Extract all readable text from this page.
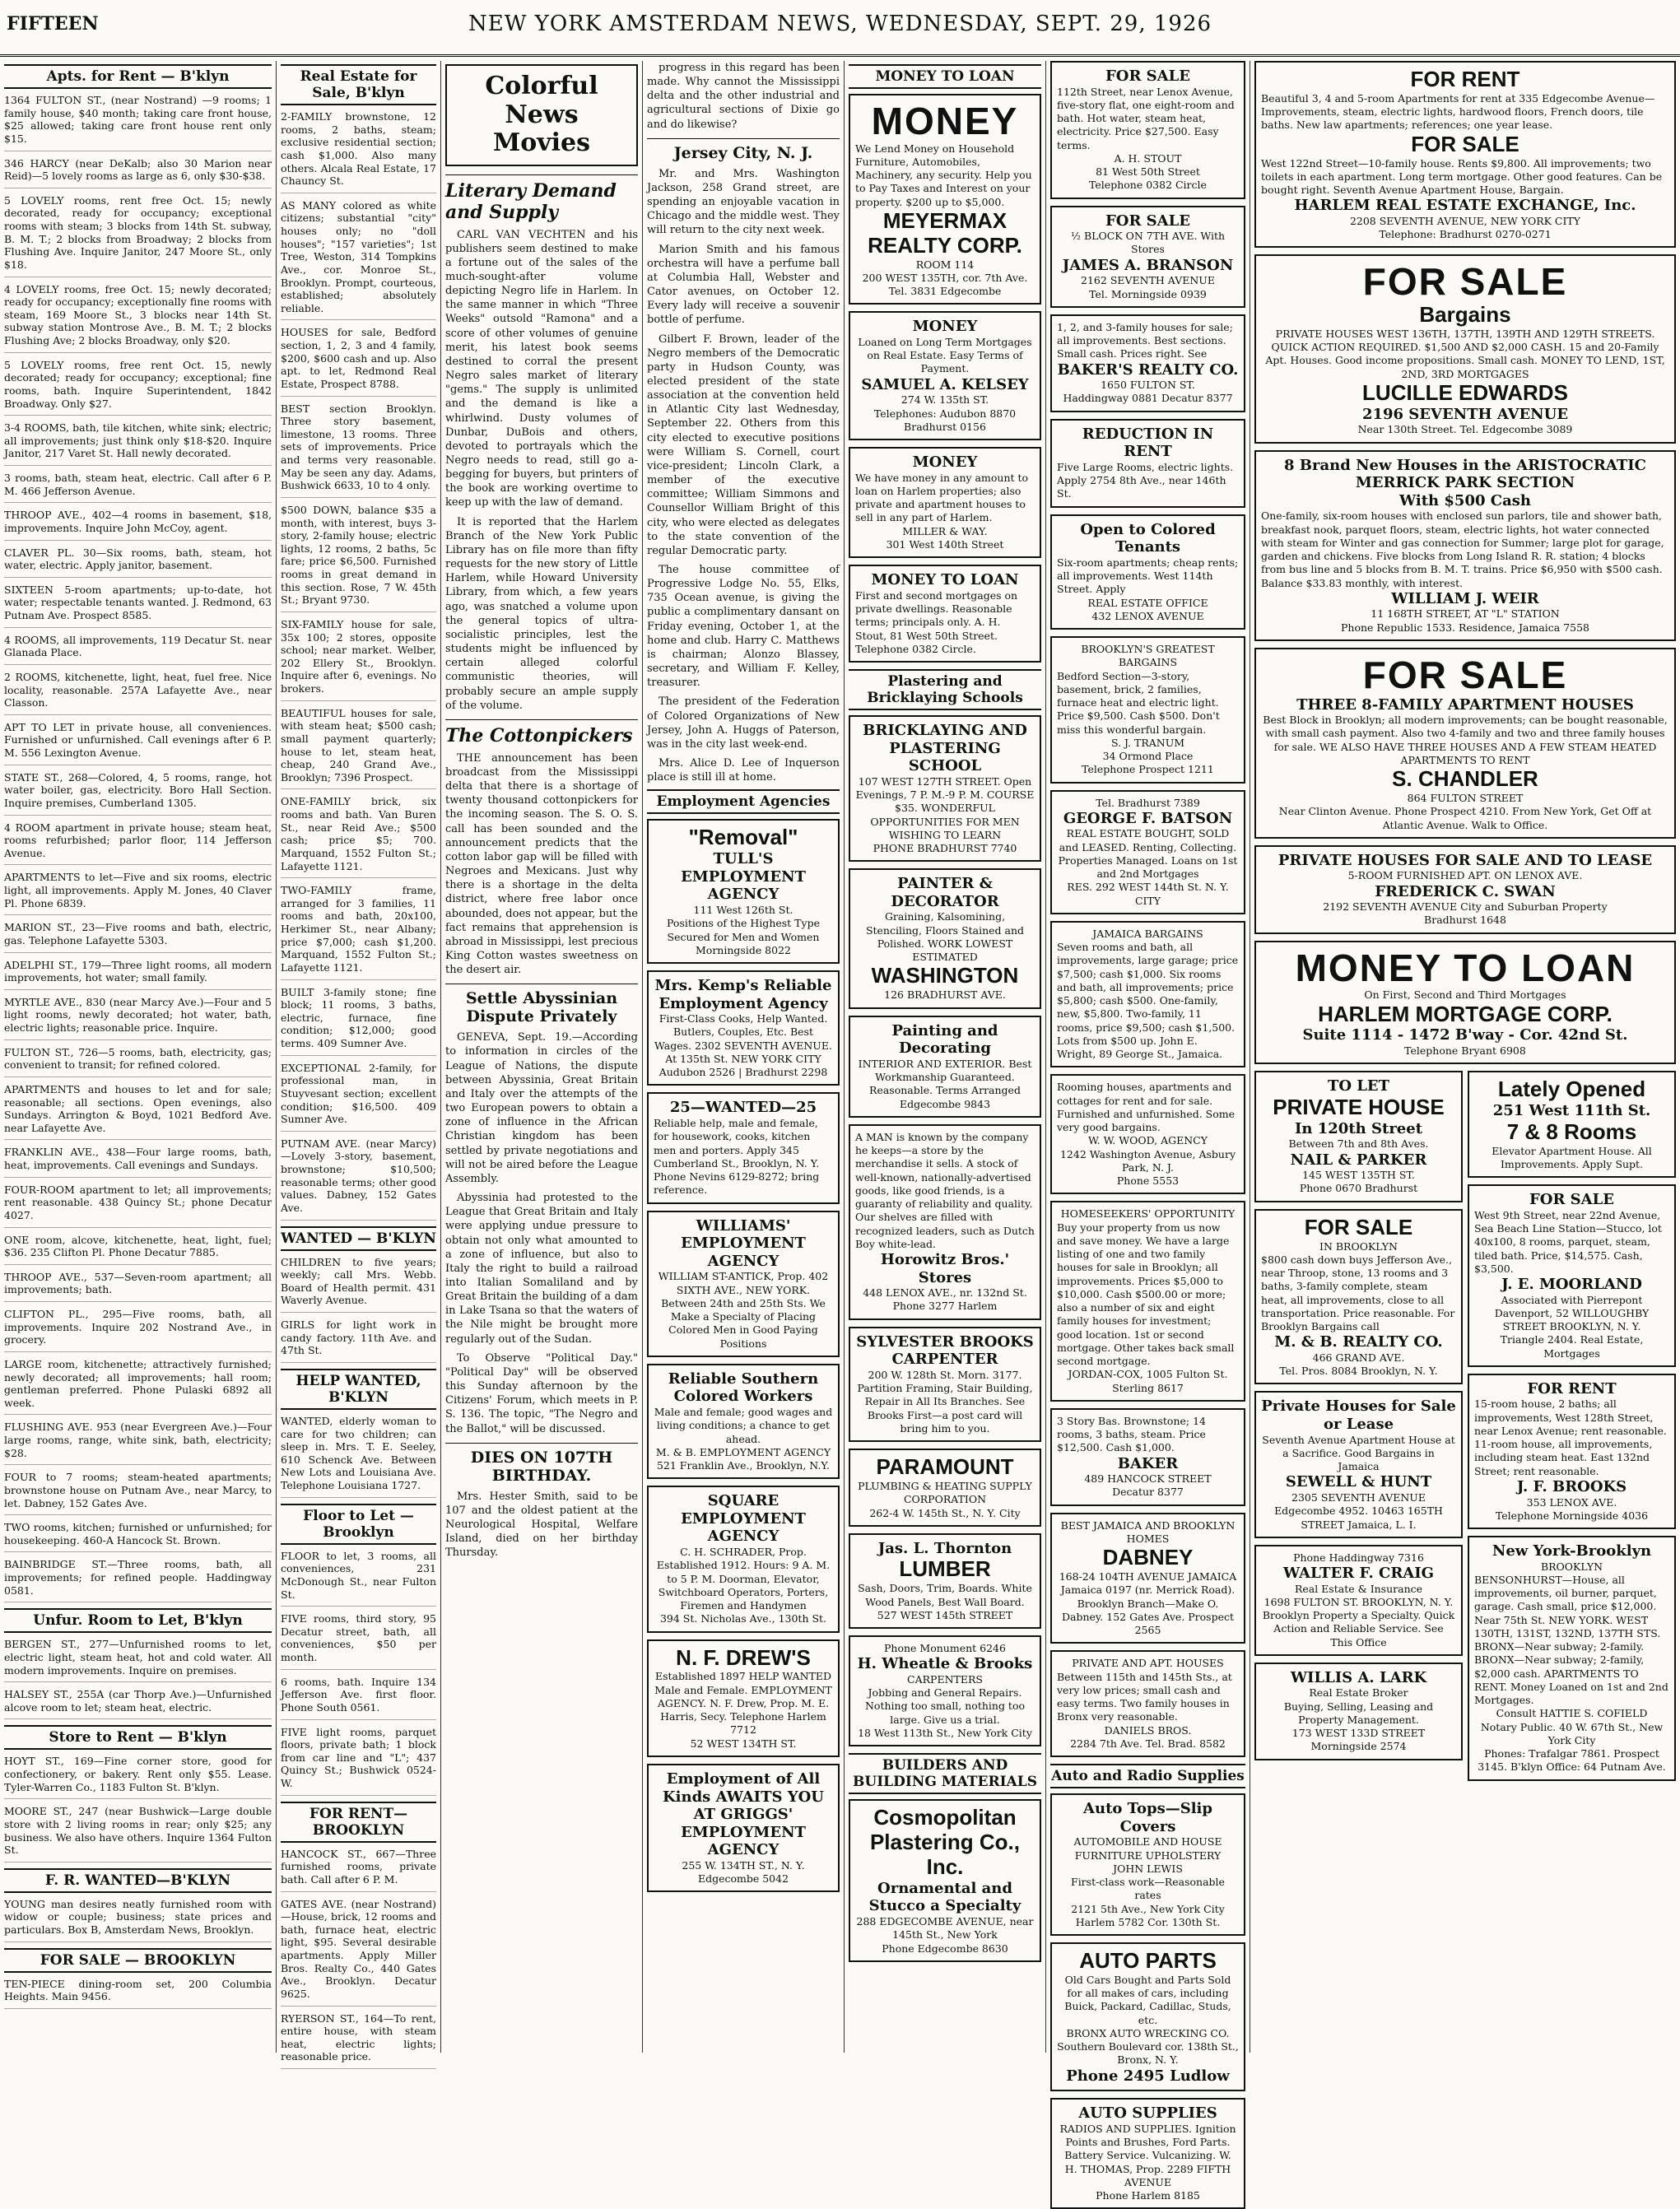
FIFTEEN	NEW YORK AMSTERDAM NEWS, WEDNESDAY, SEPT. 29, 1926
Apts. for Rent — B'klyn
1364 FULTON ST., (near Nostrand) —9 rooms; 1 family house, $40 month; taking care front house, $25 allowed; taking care front house rent only $15.
346 HARCY (near DeKalb; also 30 Marion near Reid)—5 lovely rooms as large as 6, only $30-$38.
5 LOVELY rooms, rent free Oct. 15; newly decorated, ready for occupancy; exceptional rooms with steam; 3 blocks from 14th St. subway, B. M. T.; 2 blocks from Broadway; 2 blocks from Flushing Ave. Inquire Janitor, 247 Moore St., only $18.
4 LOVELY rooms, free Oct. 15; newly decorated; ready for occupancy; exceptionally fine rooms with steam, 169 Moore St., 3 blocks near 14th St. subway station Montrose Ave., B. M. T.; 2 blocks Flushing Ave; 2 blocks Broadway, only $20.
5 LOVELY rooms, free rent Oct. 15, newly decorated; ready for occupancy; exceptional; fine rooms, bath. Inquire Superintendent, 1842 Broadway. Only $27.
3-4 ROOMS, bath, tile kitchen, white sink; electric; all improvements; just think only $18-$20. Inquire Janitor, 217 Varet St. Hall newly decorated.
3 rooms, bath, steam heat, electric. Call after 6 P. M. 466 Jefferson Avenue.
THROOP AVE., 402—4 rooms in basement, $18, improvements. Inquire John McCoy, agent.
CLAVER PL. 30—Six rooms, bath, steam, hot water, electric. Apply janitor, basement.
SIXTEEN 5-room apartments; up-to-date, hot water; respectable tenants wanted. J. Redmond, 63 Putnam Ave. Prospect 8585.
4 ROOMS, all improvements, 119 Decatur St. near Glanada Place.
2 ROOMS, kitchenette, light, heat, fuel free. Nice locality, reasonable. 257A Lafayette Ave., near Classon.
APT TO LET in private house, all conveniences. Furnished or unfurnished. Call evenings after 6 P. M. 556 Lexington Avenue.
STATE ST., 268—Colored, 4, 5 rooms, range, hot water boiler, gas, electricity. Boro Hall Section. Inquire premises, Cumberland 1305.
4 ROOM apartment in private house; steam heat, rooms refurbished; parlor floor, 114 Jefferson Avenue.
APARTMENTS to let—Five and six rooms, electric light, all improvements. Apply M. Jones, 40 Claver Pl. Phone 6839.
MARION ST., 23—Five rooms and bath, electric, gas. Telephone Lafayette 5303.
ADELPHI ST., 179—Three light rooms, all modern improvements, hot water; small family.
MYRTLE AVE., 830 (near Marcy Ave.)—Four and 5 light rooms, newly decorated; hot water, bath, electric lights; reasonable price. Inquire.
FULTON ST., 726—5 rooms, bath, electricity, gas; convenient to transit; for refined colored.
APARTMENTS and houses to let and for sale; reasonable; all sections. Open evenings, also Sundays. Arrington & Boyd, 1021 Bedford Ave. near Lafayette Ave.
FRANKLIN AVE., 438—Four large rooms, bath, heat, improvements. Call evenings and Sundays.
FOUR-ROOM apartment to let; all improvements; rent reasonable. 438 Quincy St.; phone Decatur 4027.
ONE room, alcove, kitchenette, heat, light, fuel; $36. 235 Clifton Pl. Phone Decatur 7885.
THROOP AVE., 537—Seven-room apartment; all improvements; bath.
CLIFTON PL., 295—Five rooms, bath, all improvements. Inquire 202 Nostrand Ave., in grocery.
LARGE room, kitchenette; attractively furnished; newly decorated; all improvements; hall room; gentleman preferred. Phone Pulaski 6892 all week.
FLUSHING AVE. 953 (near Evergreen Ave.)—Four large rooms, range, white sink, bath, electricity; $28.
FOUR to 7 rooms; steam-heated apartments; brownstone house on Putnam Ave., near Marcy, to let. Dabney, 152 Gates Ave.
TWO rooms, kitchen; furnished or unfurnished; for housekeeping. 460-A Hancock St. Brown.
BAINBRIDGE ST.—Three rooms, bath, all improvements; for refined people. Haddingway 0581.
Unfur. Room to Let, B'klyn
BERGEN ST., 277—Unfurnished rooms to let, electric light, steam heat, hot and cold water. All modern improvements. Inquire on premises.
HALSEY ST., 255A (car Thorp Ave.)—Unfurnished alcove room to let; steam heat, electric.
Store to Rent — B'klyn
HOYT ST., 169—Fine corner store, good for confectionery, or bakery. Rent only $55. Lease. Tyler-Warren Co., 1183 Fulton St. B'klyn.
MOORE ST., 247 (near Bushwick—Large double store with 2 living rooms in rear; only $25; any business. We also have others. Inquire 1364 Fulton St.
F. R. WANTED—B'KLYN
YOUNG man desires neatly furnished room with widow or couple; business; state prices and particulars. Box B, Amsterdam News, Brooklyn.
FOR SALE — BROOKLYN
TEN-PIECE dining-room set, 200 Columbia Heights. Main 9456.
Real Estate for Sale, B'klyn
2-FAMILY brownstone, 12 rooms, 2 baths, steam; exclusive residential section; cash $1,000. Also many others. Alcala Real Estate, 17 Chauncy St.
AS MANY colored as white citizens; substantial "city" houses only; no "doll houses"; "157 varieties"; 1st Tree, Weston, 314 Tompkins Ave., cor. Monroe St., Brooklyn. Prompt, courteous, established; absolutely reliable.
HOUSES for sale, Bedford section, 1, 2, 3 and 4 family, $200, $600 cash and up. Also apt. to let, Redmond Real Estate, Prospect 8788.
BEST section Brooklyn. Three story basement, limestone, 13 rooms. Three sets of improvements. Price and terms very reasonable. May be seen any day. Adams, Bushwick 6633, 10 to 4 only.
$500 DOWN, balance $35 a month, with interest, buys 3-story, 2-family house; electric lights, 12 rooms, 2 baths, 5c fare; price $6,500. Furnished rooms in great demand in this section. Rose, 7 W. 45th St.; Bryant 9730.
SIX-FAMILY house for sale, 35x 100; 2 stores, opposite school; near market. Welber, 202 Ellery St., Brooklyn. Inquire after 6, evenings. No brokers.
BEAUTIFUL houses for sale, with steam heat; $500 cash; small payment quarterly; house to let, steam heat, cheap, 240 Grand Ave., Brooklyn; 7396 Prospect.
ONE-FAMILY brick, six rooms and bath. Van Buren St., near Reid Ave.; $500 cash; price $5; 700. Marquand, 1552 Fulton St.; Lafayette 1121.
TWO-FAMILY frame, arranged for 3 families, 11 rooms and bath, 20x100, Herkimer St., near Albany; price $7,000; cash $1,200. Marquand, 1552 Fulton St.; Lafayette 1121.
BUILT 3-family stone; fine block; 11 rooms, 3 baths, electric, furnace, fine condition; $12,000; good terms. 409 Sumner Ave.
EXCEPTIONAL 2-family, for professional man, in Stuyvesant section; excellent condition; $16,500. 409 Sumner Ave.
PUTNAM AVE. (near Marcy)—Lovely 3-story, basement, brownstone; $10,500; reasonable terms; other good values. Dabney, 152 Gates Ave.
WANTED — B'KLYN
CHILDREN to five years; weekly; call Mrs. Webb. Board of Health permit. 431 Waverly Avenue.
GIRLS for light work in candy factory. 11th Ave. and 47th St.
HELP WANTED, B'KLYN
WANTED, elderly woman to care for two children; can sleep in. Mrs. T. E. Seeley, 610 Schenck Ave. Between New Lots and Louisiana Ave. Telephone Louisiana 1727.
Floor to Let — Brooklyn
FLOOR to let, 3 rooms, all conveniences, 231 McDonough St., near Fulton St.
FIVE rooms, third story, 95 Decatur street, bath, all conveniences, $50 per month.
6 rooms, bath. Inquire 134 Jefferson Ave. first floor. Phone South 0561.
FIVE light rooms, parquet floors, private bath; 1 block from car line and "L"; 437 Quincy St.; Bushwick 0524-W.
FOR RENT—BROOKLYN
HANCOCK ST., 667—Three furnished rooms, private bath. Call after 6 P. M.
GATES AVE. (near Nostrand)—House, brick, 12 rooms and bath, furnace heat, electric light, $95. Several desirable apartments. Apply Miller Bros. Realty Co., 440 Gates Ave., Brooklyn. Decatur 9625.
RYERSON ST., 164—To rent, entire house, with steam heat, electric lights; reasonable price.
Colorful News
Movies
Literary Demand and Supply

CARL VAN VECHTEN and his publishers seem destined to make a fortune out of the sales of the much-sought-after volume depicting Negro life in Harlem. In the same manner in which "Three Weeks" outsold "Ramona" and a score of other volumes of genuine merit, his latest book seems destined to corral the present Negro sales market of literary "gems." The supply is unlimited and the demand is like a whirlwind. Dusty volumes of Dunbar, DuBois and others, devoted to portrayals which the Negro needs to read, still go a-begging for buyers, but printers of the book are working overtime to keep up with the law of demand.

It is reported that the Harlem Branch of the New York Public Library has on file more than fifty requests for the new story of Little Harlem, while Howard University Library, from which, a few years ago, was snatched a volume upon the general topics of ultra-socialistic principles, lest the students might be influenced by certain alleged colorful communistic theories, will probably secure an ample supply of the volume.

The Cottonpickers

THE announcement has been broadcast from the Mississippi delta that there is a shortage of twenty thousand cottonpickers for the incoming season. The S. O. S. call has been sounded and the announcement predicts that the cotton labor gap will be filled with Negroes and Mexicans. Just why there is a shortage in the delta district, where free labor once abounded, does not appear, but the fact remains that apprehension is abroad in Mississippi, lest precious King Cotton wastes sweetness on the desert air.

Settle Abyssinian
Dispute Privately

GENEVA, Sept. 19.—According to information in circles of the League of Nations, the dispute between Abyssinia, Great Britain and Italy over the attempts of the two European powers to obtain a zone of influence in the African Christian kingdom has been settled by private negotiations and will not be aired before the League Assembly.

Abyssinia had protested to the League that Great Britain and Italy were applying undue pressure to obtain not only what amounted to a zone of influence, but also to Italy the right to build a railroad into Italian Somaliland and by Great Britain the building of a dam in Lake Tsana so that the waters of the Nile might be brought more regularly out of the Sudan.

To Observe "Political Day." "Political Day" will be observed this Sunday afternoon by the Citizens' Forum, which meets in P. S. 136. The topic, "The Negro and the Ballot," will be discussed.

DIES ON 107TH BIRTHDAY.

Mrs. Hester Smith, said to be 107 and the oldest patient at the Neurological Hospital, Welfare Island, died on her birthday Thursday.

progress in this regard has been made. Why cannot the Mississippi delta and the other industrial and agricultural sections of Dixie go and do likewise?

Jersey City, N. J.

Mr. and Mrs. Washington Jackson, 258 Grand street, are spending an enjoyable vacation in Chicago and the middle west. They will return to the city next week.

Marion Smith and his famous orchestra will have a perfume ball at Columbia Hall, Webster and Cator avenues, on October 12. Every lady will receive a souvenir bottle of perfume.

Gilbert F. Brown, leader of the Negro members of the Democratic party in Hudson County, was elected president of the state association at the convention held in Atlantic City last Wednesday, September 22. Others from this city elected to executive positions were William S. Cornell, court vice-president; Lincoln Clark, a member of the executive committee; William Simmons and Counsellor William Bright of this city, who were elected as delegates to the state convention of the regular Democratic party.

The house committee of Progressive Lodge No. 55, Elks, 735 Ocean avenue, is giving the public a complimentary dansant on Friday evening, October 1, at the home and club. Harry C. Matthews is chairman; Alonzo Blassey, secretary, and William F. Kelley, treasurer.

The president of the Federation of Colored Organizations of New Jersey, John A. Huggs of Paterson, was in the city last week-end.

Mrs. Alice D. Lee of Inquerson place is still ill at home.

Employment Agencies
"Removal"
TULL'S EMPLOYMENT AGENCY
111 West 126th St.
Positions of the Highest Type Secured for Men and Women
Morningside 8022
Mrs. Kemp's Reliable Employment Agency
First-Class Cooks, Help Wanted. Butlers, Couples, Etc. Best Wages. 2302 SEVENTH AVENUE. At 135th St. NEW YORK CITY
Audubon 2526 | Bradhurst 2298
25—WANTED—25
Reliable help, male and female, for housework, cooks, kitchen men and porters. Apply 345 Cumberland St., Brooklyn, N. Y. Phone Nevins 6129-8272; bring reference.
WILLIAMS' EMPLOYMENT AGENCY
WILLIAM ST-ANTICK, Prop. 402 SIXTH AVE., NEW YORK. Between 24th and 25th Sts. We Make a Specialty of Placing Colored Men in Good Paying Positions
Reliable Southern Colored Workers
Male and female; good wages and living conditions; a chance to get ahead.
M. & B. EMPLOYMENT AGENCY
521 Franklin Ave., Brooklyn, N.Y.
SQUARE EMPLOYMENT AGENCY
C. H. SCHRADER, Prop. Established 1912. Hours: 9 A. M. to 5 P. M. Doorman, Elevator, Switchboard Operators, Porters, Firemen and Handymen
394 St. Nicholas Ave., 130th St.
N. F. DREW'S
Established 1897 HELP WANTED Male and Female. EMPLOYMENT AGENCY. N. F. Drew, Prop. M. E. Harris, Secy. Telephone Harlem 7712
52 WEST 134TH ST.
Employment of All Kinds AWAITS YOU AT GRIGGS' EMPLOYMENT AGENCY
255 W. 134TH ST., N. Y.
Edgecombe 5042
MONEY TO LOAN
MONEY
We Lend Money on Household Furniture, Automobiles, Machinery, any security. Help you to Pay Taxes and Interest on your property. $200 up to $5,000.
MEYERMAX REALTY CORP.
ROOM 114
200 WEST 135TH, cor. 7th Ave.
Tel. 3831 Edgecombe
MONEY
Loaned on Long Term Mortgages on Real Estate. Easy Terms of Payment.
SAMUEL A. KELSEY
274 W. 135th ST.
Telephones: Audubon 8870 Bradhurst 0156
MONEY
We have money in any amount to loan on Harlem properties; also private and apartment houses to sell in any part of Harlem.
MILLER & WAY.
301 West 140th Street
MONEY TO LOAN
First and second mortgages on private dwellings. Reasonable terms; principals only. A. H. Stout, 81 West 50th Street. Telephone 0382 Circle.
Plastering and Bricklaying Schools
BRICKLAYING AND PLASTERING SCHOOL
107 WEST 127TH STREET. Open Evenings, 7 P. M.-9 P. M. COURSE $35. WONDERFUL OPPORTUNITIES FOR MEN WISHING TO LEARN
PHONE BRADHURST 7740
PAINTER & DECORATOR
Graining, Kalsomining, Stenciling, Floors Stained and Polished. WORK LOWEST ESTIMATED
WASHINGTON
126 BRADHURST AVE.
Painting and Decorating
INTERIOR AND EXTERIOR. Best Workmanship Guaranteed. Reasonable. Terms Arranged
Edgecombe 9843
A MAN is known by the company he keeps—a store by the merchandise it sells. A stock of well-known, nationally-advertised goods, like good friends, is a guaranty of reliability and quality. Our shelves are filled with recognized leaders, such as Dutch Boy white-lead.
Horowitz Bros.' Stores
448 LENOX AVE., nr. 132nd St.
Phone 3277 Harlem
SYLVESTER BROOKS CARPENTER
200 W. 128th St. Morn. 3177. Partition Framing, Stair Building, Repair in All Its Branches. See Brooks First—a post card will bring him to you.
PARAMOUNT
PLUMBING & HEATING SUPPLY CORPORATION
262-4 W. 145th St., N. Y. City
Jas. L. Thornton
LUMBER
Sash, Doors, Trim, Boards. White Wood Panels, Best Wall Board. 527 WEST 145th STREET
Phone Monument 6246
H. Wheatle & Brooks
CARPENTERS
Jobbing and General Repairs. Nothing too small, nothing too large. Give us a trial.
18 West 113th St., New York City
BUILDERS AND BUILDING MATERIALS
Cosmopolitan Plastering Co., Inc.
Ornamental and Stucco a Specialty
288 EDGECOMBE AVENUE, near 145th St., New York
Phone Edgecombe 8630
FOR SALE
112th Street, near Lenox Avenue, five-story flat, one eight-room and bath. Hot water, steam heat, electricity. Price $27,500. Easy terms.
A. H. STOUT
81 West 50th Street
Telephone 0382 Circle
FOR SALE
½ BLOCK ON 7TH AVE. With Stores
JAMES A. BRANSON
2162 SEVENTH AVENUE
Tel. Morningside 0939
1, 2, and 3-family houses for sale; all improvements. Best sections. Small cash. Prices right. See
BAKER'S REALTY CO.
1650 FULTON ST.
Haddingway 0881 Decatur 8377
REDUCTION IN RENT
Five Large Rooms, electric lights. Apply 2754 8th Ave., near 146th St.
Open to Colored Tenants
Six-room apartments; cheap rents; all improvements. West 114th Street. Apply
REAL ESTATE OFFICE
432 LENOX AVENUE
BROOKLYN'S GREATEST BARGAINS
Bedford Section—3-story, basement, brick, 2 families, furnace heat and electric light. Price $9,500. Cash $500. Don't miss this wonderful bargain.
S. J. TRANUM
34 Ormond Place
Telephone Prospect 1211
Tel. Bradhurst 7389
GEORGE F. BATSON
REAL ESTATE BOUGHT, SOLD and LEASED. Renting, Collecting. Properties Managed. Loans on 1st and 2nd Mortgages
RES. 292 WEST 144th St. N. Y. CITY
JAMAICA BARGAINS
Seven rooms and bath, all improvements, large garage; price $7,500; cash $1,000. Six rooms and bath, all improvements; price $5,800; cash $500. One-family, new, $5,800. Two-family, 11 rooms, price $9,500; cash $1,500. Lots from $500 up. John E. Wright, 89 George St., Jamaica.
Rooming houses, apartments and cottages for rent and for sale. Furnished and unfurnished. Some very good bargains.
W. W. WOOD, AGENCY
1242 Washington Avenue, Asbury Park, N. J.
Phone 5553
HOMESEEKERS' OPPORTUNITY
Buy your property from us now and save money. We have a large listing of one and two family houses for sale in Brooklyn; all improvements. Prices $5,000 to $10,000. Cash $500.00 or more; also a number of six and eight family houses for investment; good location. 1st or second mortgage. Other takes back small second mortgage.
JORDAN-COX, 1005 Fulton St.
Sterling 8617
3 Story Bas. Brownstone; 14 rooms, 3 baths, steam. Price $12,500. Cash $1,000.
BAKER
489 HANCOCK STREET
Decatur 8377
BEST JAMAICA AND BROOKLYN HOMES
DABNEY
168-24 104TH AVENUE JAMAICA
Jamaica 0197 (nr. Merrick Road). Brooklyn Branch—Make O. Dabney. 152 Gates Ave. Prospect 2565
PRIVATE AND APT. HOUSES
Between 115th and 145th Sts., at very low prices; small cash and easy terms. Two family houses in Bronx very reasonable.
DANIELS BROS.
2284 7th Ave. Tel. Brad. 8582
Auto and Radio Supplies
Auto Tops—Slip Covers
AUTOMOBILE AND HOUSE FURNITURE UPHOLSTERY
JOHN LEWIS
First-class work—Reasonable rates
2121 5th Ave., New York City
Harlem 5782 Cor. 130th St.
AUTO PARTS
Old Cars Bought and Parts Sold for all makes of cars, including Buick, Packard, Cadillac, Studs, etc.
BRONX AUTO WRECKING CO.
Southern Boulevard cor. 138th St., Bronx, N. Y.
Phone 2495 Ludlow
AUTO SUPPLIES
RADIOS AND SUPPLIES. Ignition Points and Brushes, Ford Parts. Battery Service. Vulcanizing. W. H. THOMAS, Prop. 2289 FIFTH AVENUE
Phone Harlem 8185
FOR RENT
Beautiful 3, 4 and 5-room Apartments for rent at 335 Edgecombe Avenue—Improvements, steam, electric lights, hardwood floors, French doors, tile baths. New law apartments; references; one year lease.
FOR SALE
West 122nd Street—10-family house. Rents $9,800. All improvements; two toilets in each apartment. Long term mortgage. Other good features. Can be bought right. Seventh Avenue Apartment House, Bargain.
HARLEM REAL ESTATE EXCHANGE, Inc.
2208 SEVENTH AVENUE, NEW YORK CITY
Telephone: Bradhurst 0270-0271
FOR SALE
Bargains
PRIVATE HOUSES WEST 136TH, 137TH, 139TH AND 129TH STREETS. QUICK ACTION REQUIRED. $1,500 AND $2,000 CASH. 15 and 20-Family Apt. Houses. Good income propositions. Small cash. MONEY TO LEND, 1ST, 2ND, 3RD MORTGAGES
LUCILLE EDWARDS
2196 SEVENTH AVENUE
Near 130th Street. Tel. Edgecombe 3089
8 Brand New Houses in the ARISTOCRATIC MERRICK PARK SECTION
With $500 Cash
One-family, six-room houses with enclosed sun parlors, tile and shower bath, breakfast nook, parquet floors, steam, electric lights, hot water connected with steam for Winter and gas connection for Summer; large plot for garage, garden and chickens. Five blocks from Long Island R. R. station; 4 blocks from bus line and 5 blocks from B. M. T. trains. Price $6,950 with $500 cash. Balance $33.83 monthly, with interest.
WILLIAM J. WEIR
11 168TH STREET, AT "L" STATION
Phone Republic 1533. Residence, Jamaica 7558
FOR SALE
THREE 8-FAMILY APARTMENT HOUSES
Best Block in Brooklyn; all modern improvements; can be bought reasonable, with small cash payment. Also two 4-family and two and three family houses for sale. WE ALSO HAVE THREE HOUSES AND A FEW STEAM HEATED APARTMENTS TO RENT
S. CHANDLER
864 FULTON STREET
Near Clinton Avenue. Phone Prospect 4210. From New York, Get Off at Atlantic Avenue. Walk to Office.
PRIVATE HOUSES FOR SALE AND TO LEASE
5-ROOM FURNISHED APT. ON LENOX AVE.
FREDERICK C. SWAN
2192 SEVENTH AVENUE City and Suburban Property
Bradhurst 1648
MONEY TO LOAN
On First, Second and Third Mortgages
HARLEM MORTGAGE CORP.
Suite 1114 - 1472 B'way - Cor. 42nd St.
Telephone Bryant 6908
TO LET
PRIVATE HOUSE
In 120th Street
Between 7th and 8th Aves.
NAIL & PARKER
145 WEST 135TH ST.
Phone 0670 Bradhurst
FOR SALE
IN BROOKLYN
$800 cash down buys Jefferson Ave., near Throop, stone, 13 rooms and 3 baths, 3-family complete, steam heat, all improvements, close to all transportation. Price reasonable. For Brooklyn Bargains call
M. & B. REALTY CO.
466 GRAND AVE.
Tel. Pros. 8084 Brooklyn, N. Y.
Private Houses for Sale or Lease
Seventh Avenue Apartment House at a Sacrifice. Good Bargains in Jamaica
SEWELL & HUNT
2305 SEVENTH AVENUE
Edgecombe 4952. 10463 165TH STREET Jamaica, L. I.
Phone Haddingway 7316
WALTER F. CRAIG
Real Estate & Insurance
1698 FULTON ST. BROOKLYN, N. Y.
Brooklyn Property a Specialty. Quick Action and Reliable Service. See This Office
WILLIS A. LARK
Real Estate Broker
Buying, Selling, Leasing and Property Management.
173 WEST 133D STREET
Morningside 2574
Lately Opened
251 West 111th St.
7 & 8 Rooms
Elevator Apartment House. All Improvements. Apply Supt.
FOR SALE
West 9th Street, near 22nd Avenue, Sea Beach Line Station—Stucco, lot 40x100, 8 rooms, parquet, steam, tiled bath. Price, $14,575. Cash, $3,500.
J. E. MOORLAND
Associated with Pierrepont Davenport, 52 WILLOUGHBY STREET BROOKLYN, N. Y.
Triangle 2404. Real Estate, Mortgages
FOR RENT
15-room house, 2 baths; all improvements, West 128th Street, near Lenox Avenue; rent reasonable. 11-room house, all improvements, including steam heat. East 132nd Street; rent reasonable.
J. F. BROOKS
353 LENOX AVE.
Telephone Morningside 4036
New York-Brooklyn
BROOKLYN
BENSONHURST—House, all improvements, oil burner, parquet, garage. Cash small, price $12,000. Near 75th St. NEW YORK. WEST 130TH, 131ST, 132ND, 137TH STS. BRONX—Near subway; 2-family. BRONX—Near subway; 2-family, $2,000 cash. APARTMENTS TO RENT. Money Loaned on 1st and 2nd Mortgages.
Consult HATTIE S. COFIELD
Notary Public. 40 W. 67th St., New York City
Phones: Trafalgar 7861. Prospect 3145. B'klyn Office: 64 Putnam Ave.
